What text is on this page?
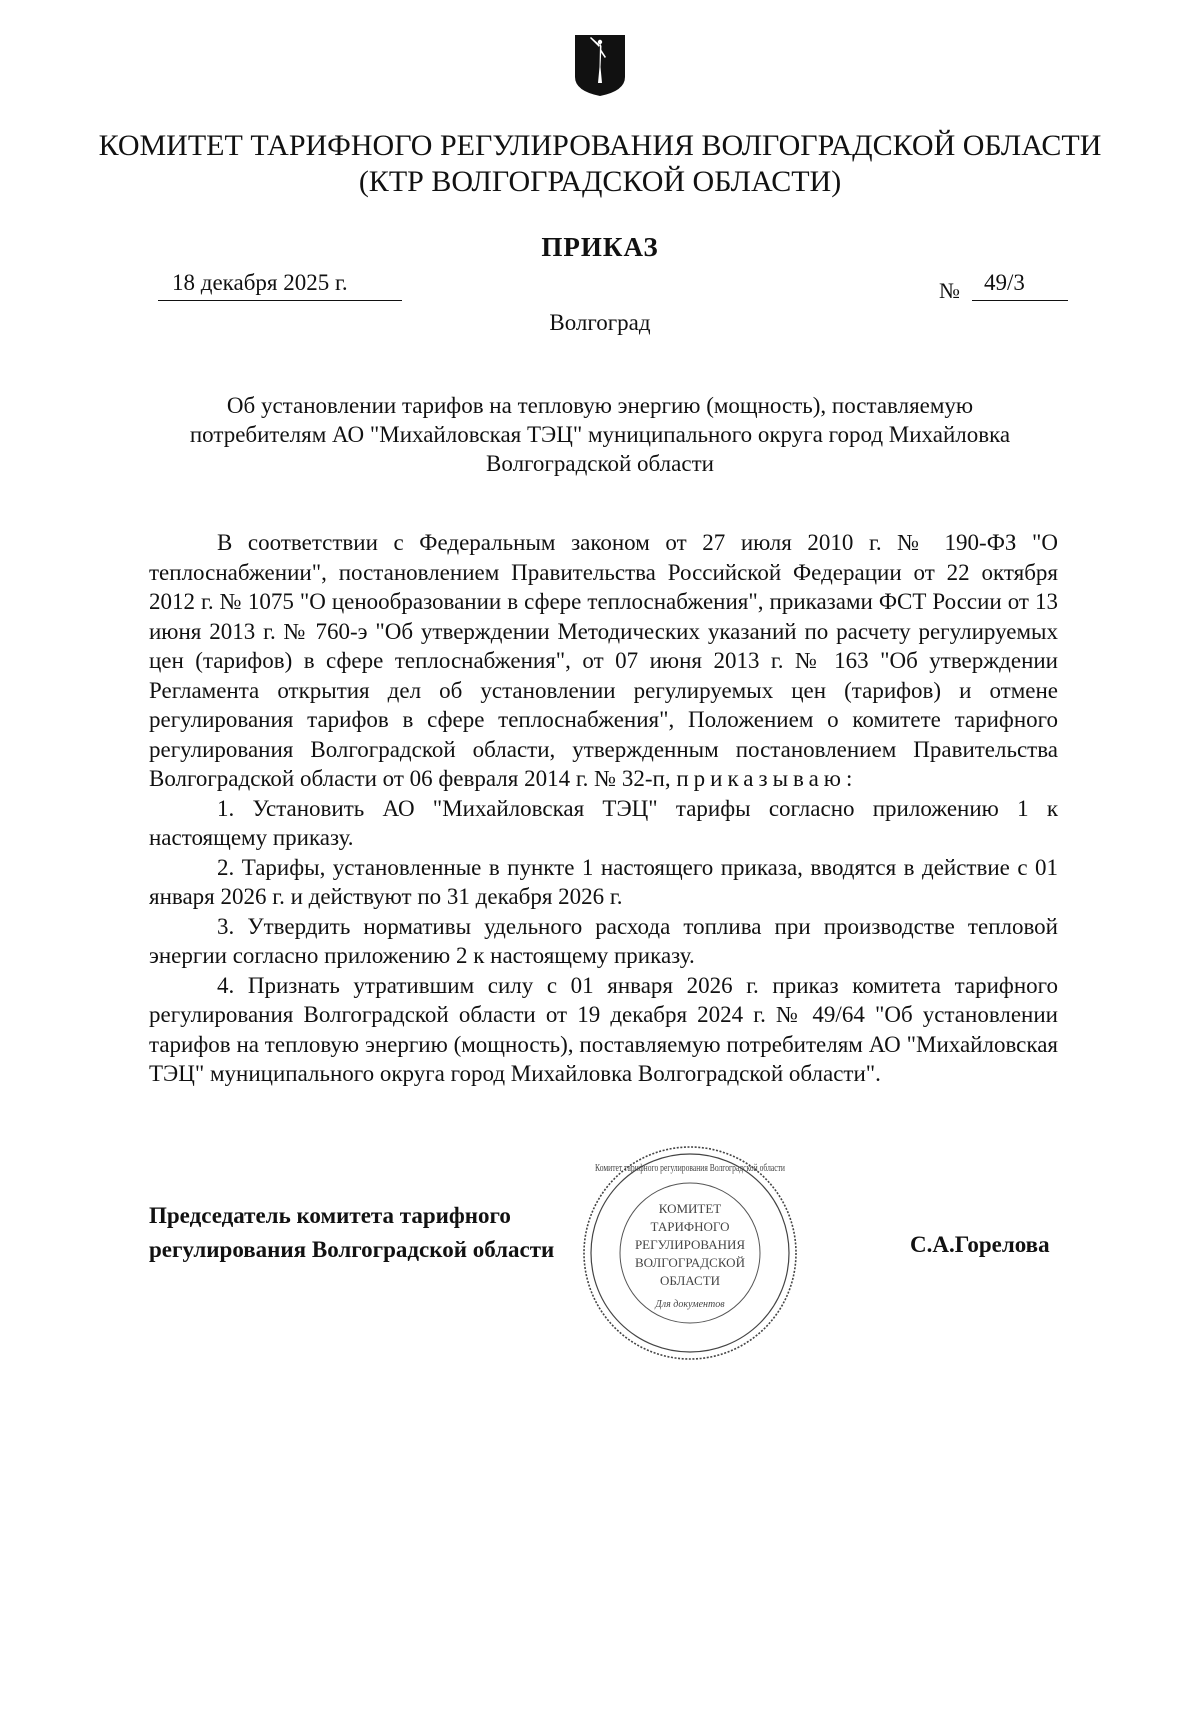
КОМИТЕТ ТАРИФНОГО РЕГУЛИРОВАНИЯ ВОЛГОГРАДСКОЙ ОБЛАСТИ
(КТР ВОЛГОГРАДСКОЙ ОБЛАСТИ)
ПРИКАЗ
18 декабря 2025 г.	№	49/3
Волгоград
Об установлении тарифов на тепловую энергию (мощность), поставляемую
потребителям АО "Михайловская ТЭЦ" муниципального округа город Михайловка
Волгоградской области

В соответствии с Федеральным законом от 27 июля 2010 г. № 190-ФЗ "О теплоснабжении", постановлением Правительства Российской Федерации от 22 октября 2012 г. № 1075 "О ценообразовании в сфере теплоснабжения", приказами ФСТ России от 13 июня 2013 г. № 760-э "Об утверждении Методических указаний по расчету регулируемых цен (тарифов) в сфере теплоснабжения", от 07 июня 2013 г. № 163 "Об утверждении Регламента открытия дел об установлении регулируемых цен (тарифов) и отмене регулирования тарифов в сфере теплоснабжения", Положением о комитете тарифного регулирования Волгоградской области, утвержденным постановлением Правительства Волгоградской области от 06 февраля 2014 г. № 32-п, приказываю:

1. Установить АО "Михайловская ТЭЦ" тарифы согласно приложению 1 к настоящему приказу.

2. Тарифы, установленные в пункте 1 настоящего приказа, вводятся в действие с 01 января 2026 г. и действуют по 31 декабря 2026 г.

3. Утвердить нормативы удельного расхода топлива при производстве тепловой энергии согласно приложению 2 к настоящему приказу.

4. Признать утратившим силу с 01 января 2026 г. приказ комитета тарифного регулирования Волгоградской области от 19 декабря 2024 г. № 49/64 "Об установлении тарифов на тепловую энергию (мощность), поставляемую потребителям АО "Михайловская ТЭЦ" муниципального округа город Михайловка Волгоградской области".

Председатель комитета тарифного
регулирования Волгоградской области	С.А.Горелова
КОМИТЕТ
ТАРИФНОГО
РЕГУЛИРОВАНИЯ
ВОЛГОГРАДСКОЙ
ОБЛАСТИ
Для документов
Комитет тарифного регулирования Волгоградской области
